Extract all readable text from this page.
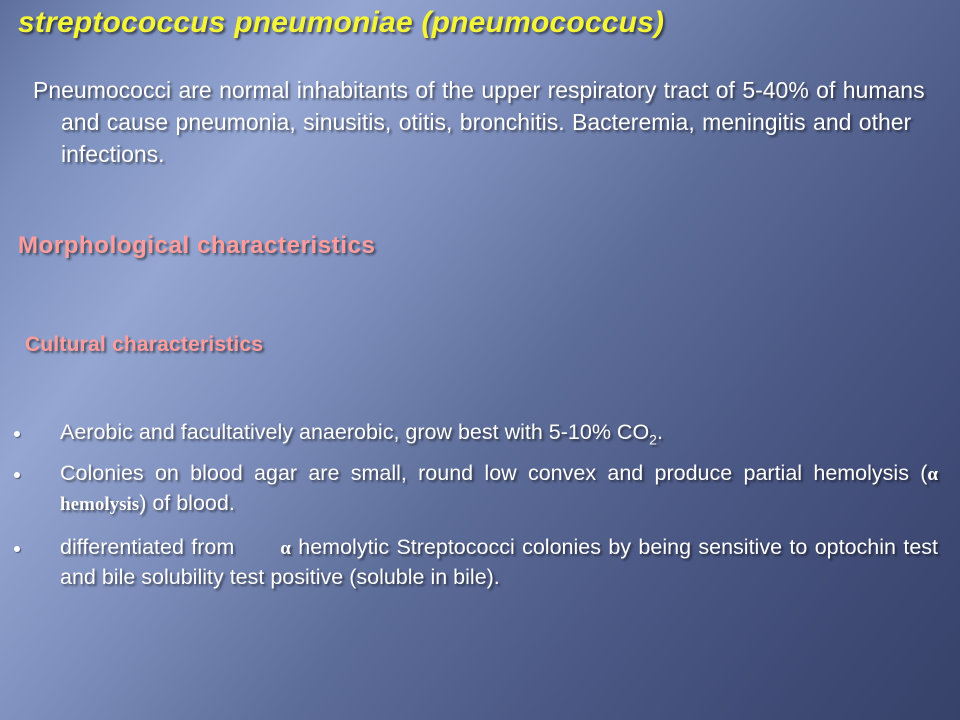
streptococcus pneumoniae (pneumococcus)

Pneumococci are normal inhabitants of the upper respiratory tract of 5-40% of humans and cause pneumonia, sinusitis, otitis, bronchitis. Bacteremia, meningitis and other infections.

Morphological characteristics
Cultural characteristics
Aerobic and facultatively anaerobic, grow best with 5-10% $CO_2$.
Colonies on blood agar are small, round low convex and produce partial hemolysis (α hemolysis) of blood.
differentiated from α hemolytic Streptococci colonies by being sensitive to optochin test and bile solubility test positive (soluble in bile).
